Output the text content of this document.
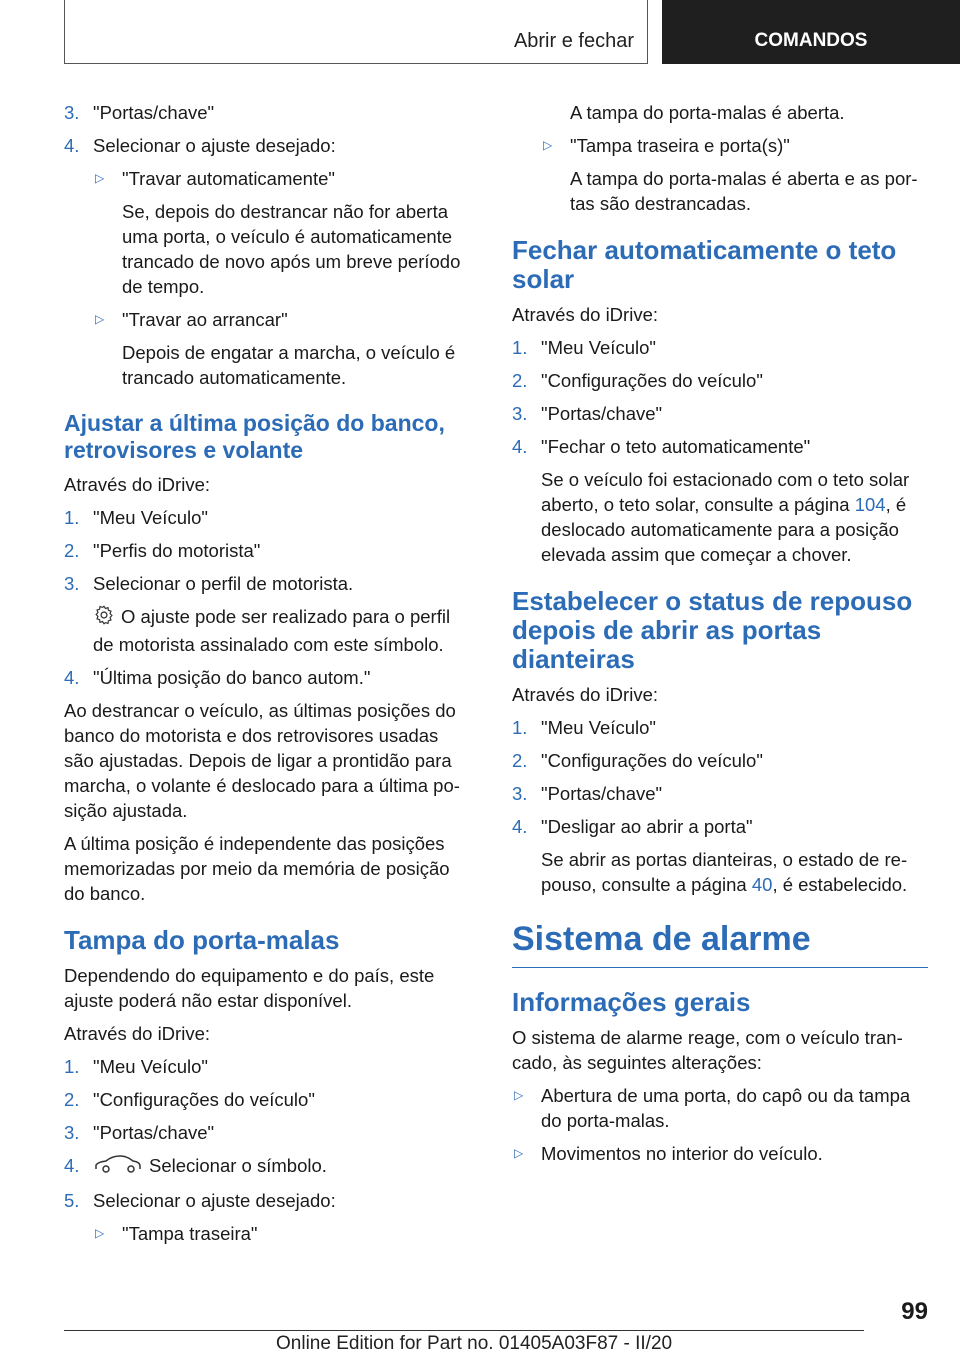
Abrir e fechar	COMANDOS
3. "Portas/chave"
4. Selecionar o ajuste desejado:
▷ "Travar automaticamente"
Se, depois do destrancar não for aberta uma porta, o veículo é automaticamente trancado de novo após um breve período de tempo.
▷ "Travar ao arrancar"
Depois de engatar a marcha, o veículo é trancado automaticamente.
Ajustar a última posição do banco, retrovisores e volante
Através do iDrive:
1. "Meu Veículo"
2. "Perfis do motorista"
3. Selecionar o perfil de motorista.
O ajuste pode ser realizado para o perfil de motorista assinalado com este símbolo.
4. "Última posição do banco autom."
Ao destrancar o veículo, as últimas posições do banco do motorista e dos retrovisores usadas são ajustadas. Depois de ligar a prontidão para marcha, o volante é deslocado para a última posição ajustada.
A última posição é independente das posições memorizadas por meio da memória de posição do banco.
Tampa do porta-malas
Dependendo do equipamento e do país, este ajuste poderá não estar disponível.
Através do iDrive:
1. "Meu Veículo"
2. "Configurações do veículo"
3. "Portas/chave"
4.	Selecionar o símbolo.
5. Selecionar o ajuste desejado:
▷ "Tampa traseira"
A tampa do porta-malas é aberta.
▷ "Tampa traseira e porta(s)"
A tampa do porta-malas é aberta e as portas são destrancadas.
Fechar automaticamente o teto solar
Através do iDrive:
1. "Meu Veículo"
2. "Configurações do veículo"
3. "Portas/chave"
4. "Fechar o teto automaticamente"
Se o veículo foi estacionado com o teto solar aberto, o teto solar, consulte a página 104, é deslocado automaticamente para a posição elevada assim que começar a chover.
Estabelecer o status de repouso depois de abrir as portas dianteiras
Através do iDrive:
1. "Meu Veículo"
2. "Configurações do veículo"
3. "Portas/chave"
4. "Desligar ao abrir a porta"
Se abrir as portas dianteiras, o estado de repouso, consulte a página 40, é estabelecido.
Sistema de alarme
Informações gerais
O sistema de alarme reage, com o veículo trancado, às seguintes alterações:
▷ Abertura de uma porta, do capô ou da tampa do porta-malas.
▷ Movimentos no interior do veículo.
99
Online Edition for Part no. 01405A03F87 - II/20
